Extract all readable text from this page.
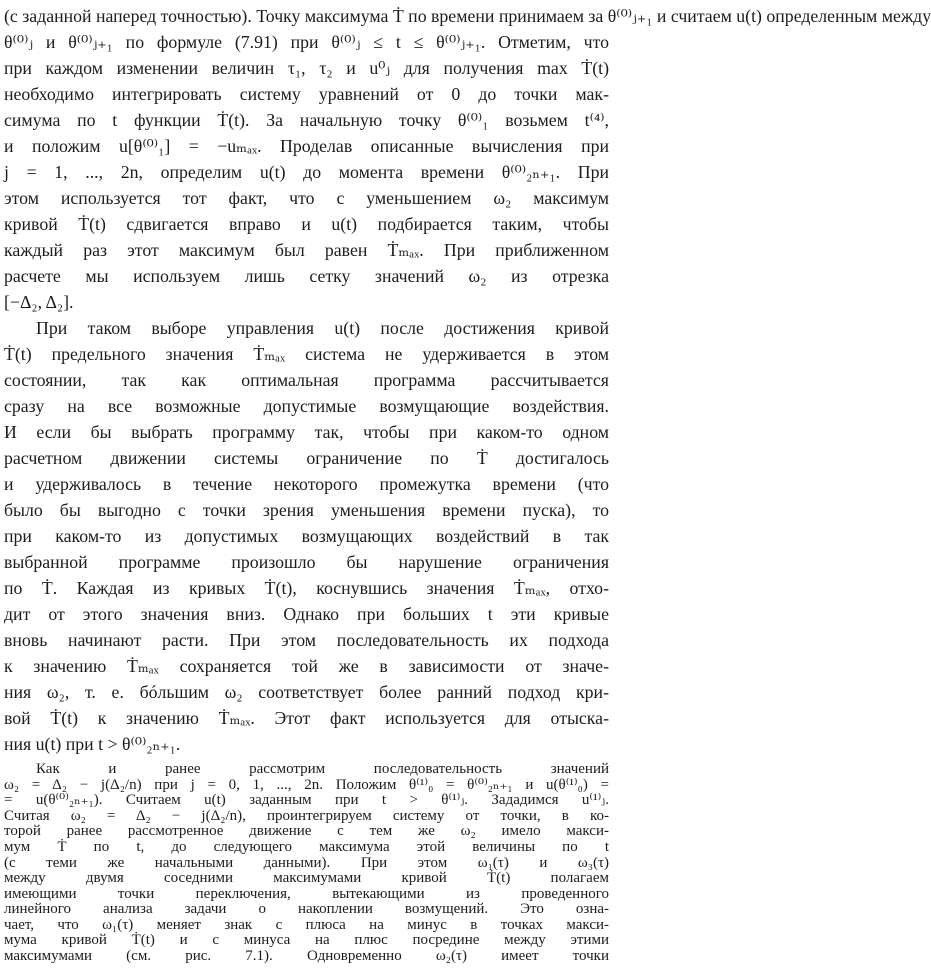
(с заданной наперед точностью). Точку максимума Ṫ по времени принимаем за θ⁽⁰⁾ⱼ₊₁ и считаем u(t) определенным между

θ⁽⁰⁾ⱼ и θ⁽⁰⁾ⱼ₊₁ по формуле (7.91) при θ⁽⁰⁾ⱼ ≤ t ≤ θ⁽⁰⁾ⱼ₊₁. Отметим, что

при каждом изменении величин τ₁, τ₂ и u⁰ⱼ для получения max Ṫ(t)

необходимо интегрировать систему уравнений от 0 до точки мак-

симума по t функции Ṫ(t). За начальную точку θ⁽⁰⁾₁ возьмем t⁽⁴⁾,

и положим u[θ⁽⁰⁾₁] = −uₘₐₓ. Проделав описанные вычисления при

j = 1, ..., 2n, определим u(t) до момента времени θ⁽⁰⁾₂ₙ₊₁. При

этом используется тот факт, что с уменьшением ω₂ максимум

кривой Ṫ(t) сдвигается вправо и u(t) подбирается таким, чтобы

каждый раз этот максимум был равен Ṫₘₐₓ. При приближенном

расчете мы используем лишь сетку значений ω₂ из отрезка

[−Δ₂, Δ₂].

При таком выборе управления u(t) после достижения кривой

Ṫ(t) предельного значения Ṫₘₐₓ система не удерживается в этом

состоянии, так как оптимальная программа рассчитывается

сразу на все возможные допустимые возмущающие воздействия.

И если бы выбрать программу так, чтобы при каком-то одном

расчетном движении системы ограничение по Ṫ достигалось

и удерживалось в течение некоторого промежутка времени (что

было бы выгодно с точки зрения уменьшения времени пуска), то

при каком-то из допустимых возмущающих воздействий в так

выбранной программе произошло бы нарушение ограничения

по Ṫ. Каждая из кривых Ṫ(t), коснувшись значения Ṫₘₐₓ, отхо-

дит от этого значения вниз. Однако при больших t эти кривые

вновь начинают расти. При этом последовательность их подхода

к значению Ṫₘₐₓ сохраняется той же в зависимости от значе-

ния ω₂, т. е. бóльшим ω₂ соответствует более ранний подход кри-

вой Ṫ(t) к значению Ṫₘₐₓ. Этот факт используется для отыска-

ния u(t) при t > θ⁽⁰⁾₂ₙ₊₁.

Как и ранее рассмотрим последовательность значений

ω₂ = Δ₂ − j(Δ₂/n) при j = 0, 1, ..., 2n. Положим θ⁽¹⁾₀ = θ⁽⁰⁾₂ₙ₊₁ и u(θ⁽¹⁾₀) =

= u(θ⁽⁰⁾₂ₙ₊₁). Считаем u(t) заданным при t > θ⁽¹⁾ⱼ. Зададимся u⁽¹⁾ⱼ.

Считая ω₂ = Δ₂ − j(Δ₂/n), проинтегрируем систему от точки, в ко-

торой ранее рассмотренное движение с тем же ω₂ имело макси-

мум Ṫ по t, до следующего максимума этой величины по t

(с теми же начальными данными). При этом ω₁(τ) и ω₃(τ)

между двумя соседними максимумами кривой Ṫ(t) полагаем

имеющими точки переключения, вытекающими из проведенного

линейного анализа задачи о накоплении возмущений. Это озна-

чает, что ω₁(τ) меняет знак с плюса на минус в точках макси-

мума кривой Ṫ(t) и с минуса на плюс посредине между этими

максимумами (см. рис. 7.1). Одновременно ω₂(τ) имеет точки
